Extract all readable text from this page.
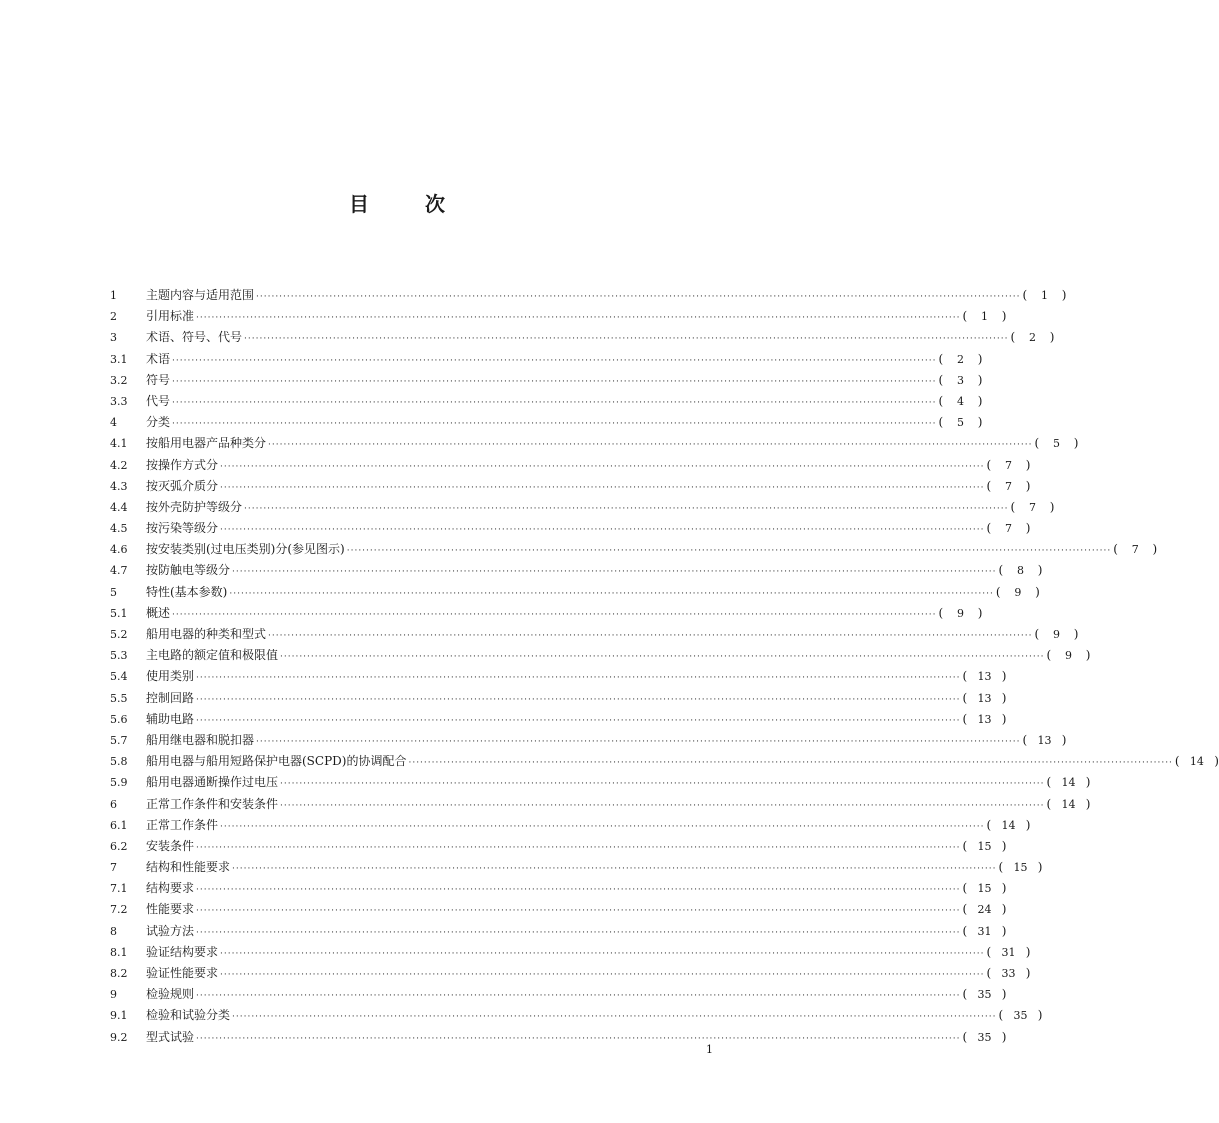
目	次
1	主题内容与适用范围 ·····	(	1	)
2	引用标准 ·····	(	1	)
3	术语、符号、代号 ·····	(	2	)
3.1	术语 ·····	(	2	)
3.2	符号 ·····	(	3	)
3.3	代号 ·····	(	4	)
4	分类 ·····	(	5	)
4.1	按船用电器产品种类分 ·····	(	5	)
4.2	按操作方式分 ·····	(	7	)
4.3	按灭弧介质分 ·····	(	7	)
4.4	按外壳防护等级分 ·····	(	7	)
4.5	按污染等级分 ·····	(	7	)
4.6	按安装类别(过电压类别)分(参见图示) ·····	(	7	)
4.7	按防触电等级分 ·····	(	8	)
5	特性(基本参数) ·····	(	9	)
5.1	概述 ·····	(	9	)
5.2	船用电器的种类和型式 ·····	(	9	)
5.3	主电路的额定值和极限值 ·····	(	9	)
5.4	使用类别 ·····	( 13 )
5.5	控制回路 ·····	( 13 )
5.6	辅助电路 ·····	( 13 )
5.7	船用继电器和脱扣器 ·····	( 13 )
5.8	船用电器与船用短路保护电器(SCPD)的协调配合 ·····	( 14 )
5.9	船用电器通断操作过电压 ·····	( 14 )
6	正常工作条件和安装条件 ·····	( 14 )
6.1	正常工作条件 ·····	( 14 )
6.2	安装条件 ·····	( 15 )
7	结构和性能要求 ·····	( 15 )
7.1	结构要求 ·····	( 15 )
7.2	性能要求 ·····	( 24 )
8	试验方法 ·····	( 31 )
8.1	验证结构要求 ·····	( 31 )
8.2	验证性能要求 ·····	( 33 )
9	检验规则 ·····	( 35 )
9.1	检验和试验分类 ·····	( 35 )
9.2	型式试验 ·····	( 35 )
1
